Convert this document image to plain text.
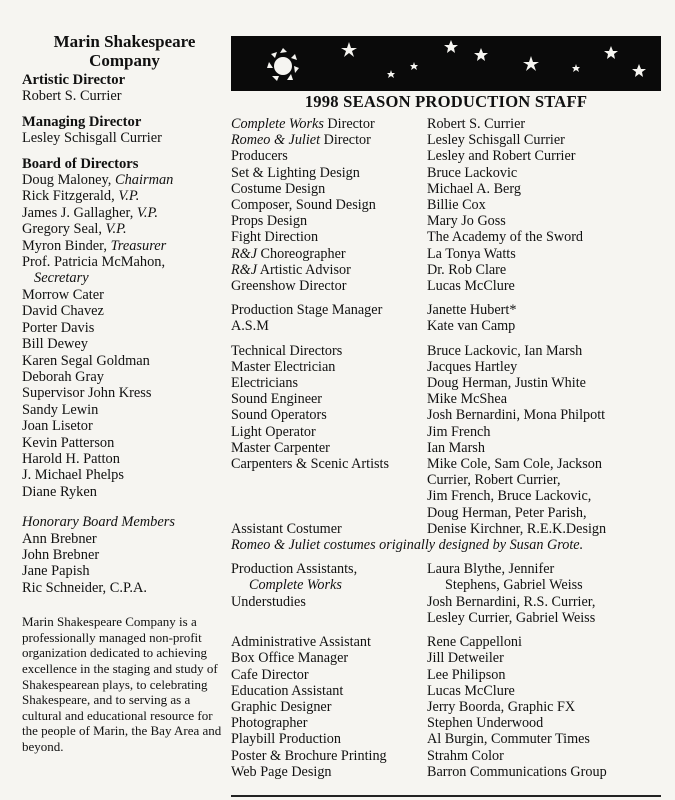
Marin Shakespeare
Company
Artistic Director
Robert S. Currier
Managing Director
Lesley Schisgall Currier
Board of Directors
Doug Maloney, Chairman
Rick Fitzgerald, V.P.
James J. Gallagher, V.P.
Gregory Seal, V.P.
Myron Binder, Treasurer
Prof. Patricia McMahon,
Secretary
Morrow Cater
David Chavez
Porter Davis
Bill Dewey
Karen Segal Goldman
Deborah Gray
Supervisor John Kress
Sandy Lewin
Joan Lisetor
Kevin Patterson
Harold H. Patton
J. Michael Phelps
Diane Ryken
Honorary Board Members
Ann Brebner
John Brebner
Jane Papish
Ric Schneider, C.P.A.
Marin Shakespeare Company is a professionally managed non-profit organization dedicated to achieving excellence in the staging and study of Shakespearean plays, to celebrating Shakespeare, and to serving as a cultural and educational resource for the people of Marin, the Bay Area and beyond.
1998 SEASON PRODUCTION STAFF
Complete Works Director	Robert S. Currier
Romeo & Juliet Director	Lesley Schisgall Currier
Producers	Lesley and Robert Currier
Set & Lighting Design	Bruce Lackovic
Costume Design	Michael A. Berg
Composer, Sound Design	Billie Cox
Props Design	Mary Jo Goss
Fight Direction	The Academy of the Sword
R&J Choreographer	La Tonya Watts
R&J Artistic Advisor	Dr. Rob Clare
Greenshow Director	Lucas McClure
Production Stage Manager	Janette Hubert*
A.S.M	Kate van Camp
Technical Directors	Bruce Lackovic, Ian Marsh
Master Electrician	Jacques Hartley
Electricians	Doug Herman, Justin White
Sound Engineer	Mike McShea
Sound Operators	Josh Bernardini, Mona Philpott
Light Operator	Jim French
Master Carpenter	Ian Marsh
Carpenters & Scenic Artists	Mike Cole, Sam Cole, Jackson
Currier, Robert Currier,
Jim French, Bruce Lackovic,
Doug Herman, Peter Parish,
Assistant Costumer	Denise Kirchner, R.E.K.Design
Romeo & Juliet costumes originally designed by Susan Grote.
Production Assistants,	Laura Blythe, Jennifer
Complete Works	Stephens, Gabriel Weiss
Understudies	Josh Bernardini, R.S. Currier,
Lesley Currier, Gabriel Weiss
Administrative Assistant	Rene Cappelloni
Box Office Manager	Jill Detweiler
Cafe Director	Lee Philipson
Education Assistant	Lucas McClure
Graphic Designer	Jerry Boorda, Graphic FX
Photographer	Stephen Underwood
Playbill Production	Al Burgin, Commuter Times
Poster & Brochure Printing	Strahm Color
Web Page Design	Barron Communications Group
